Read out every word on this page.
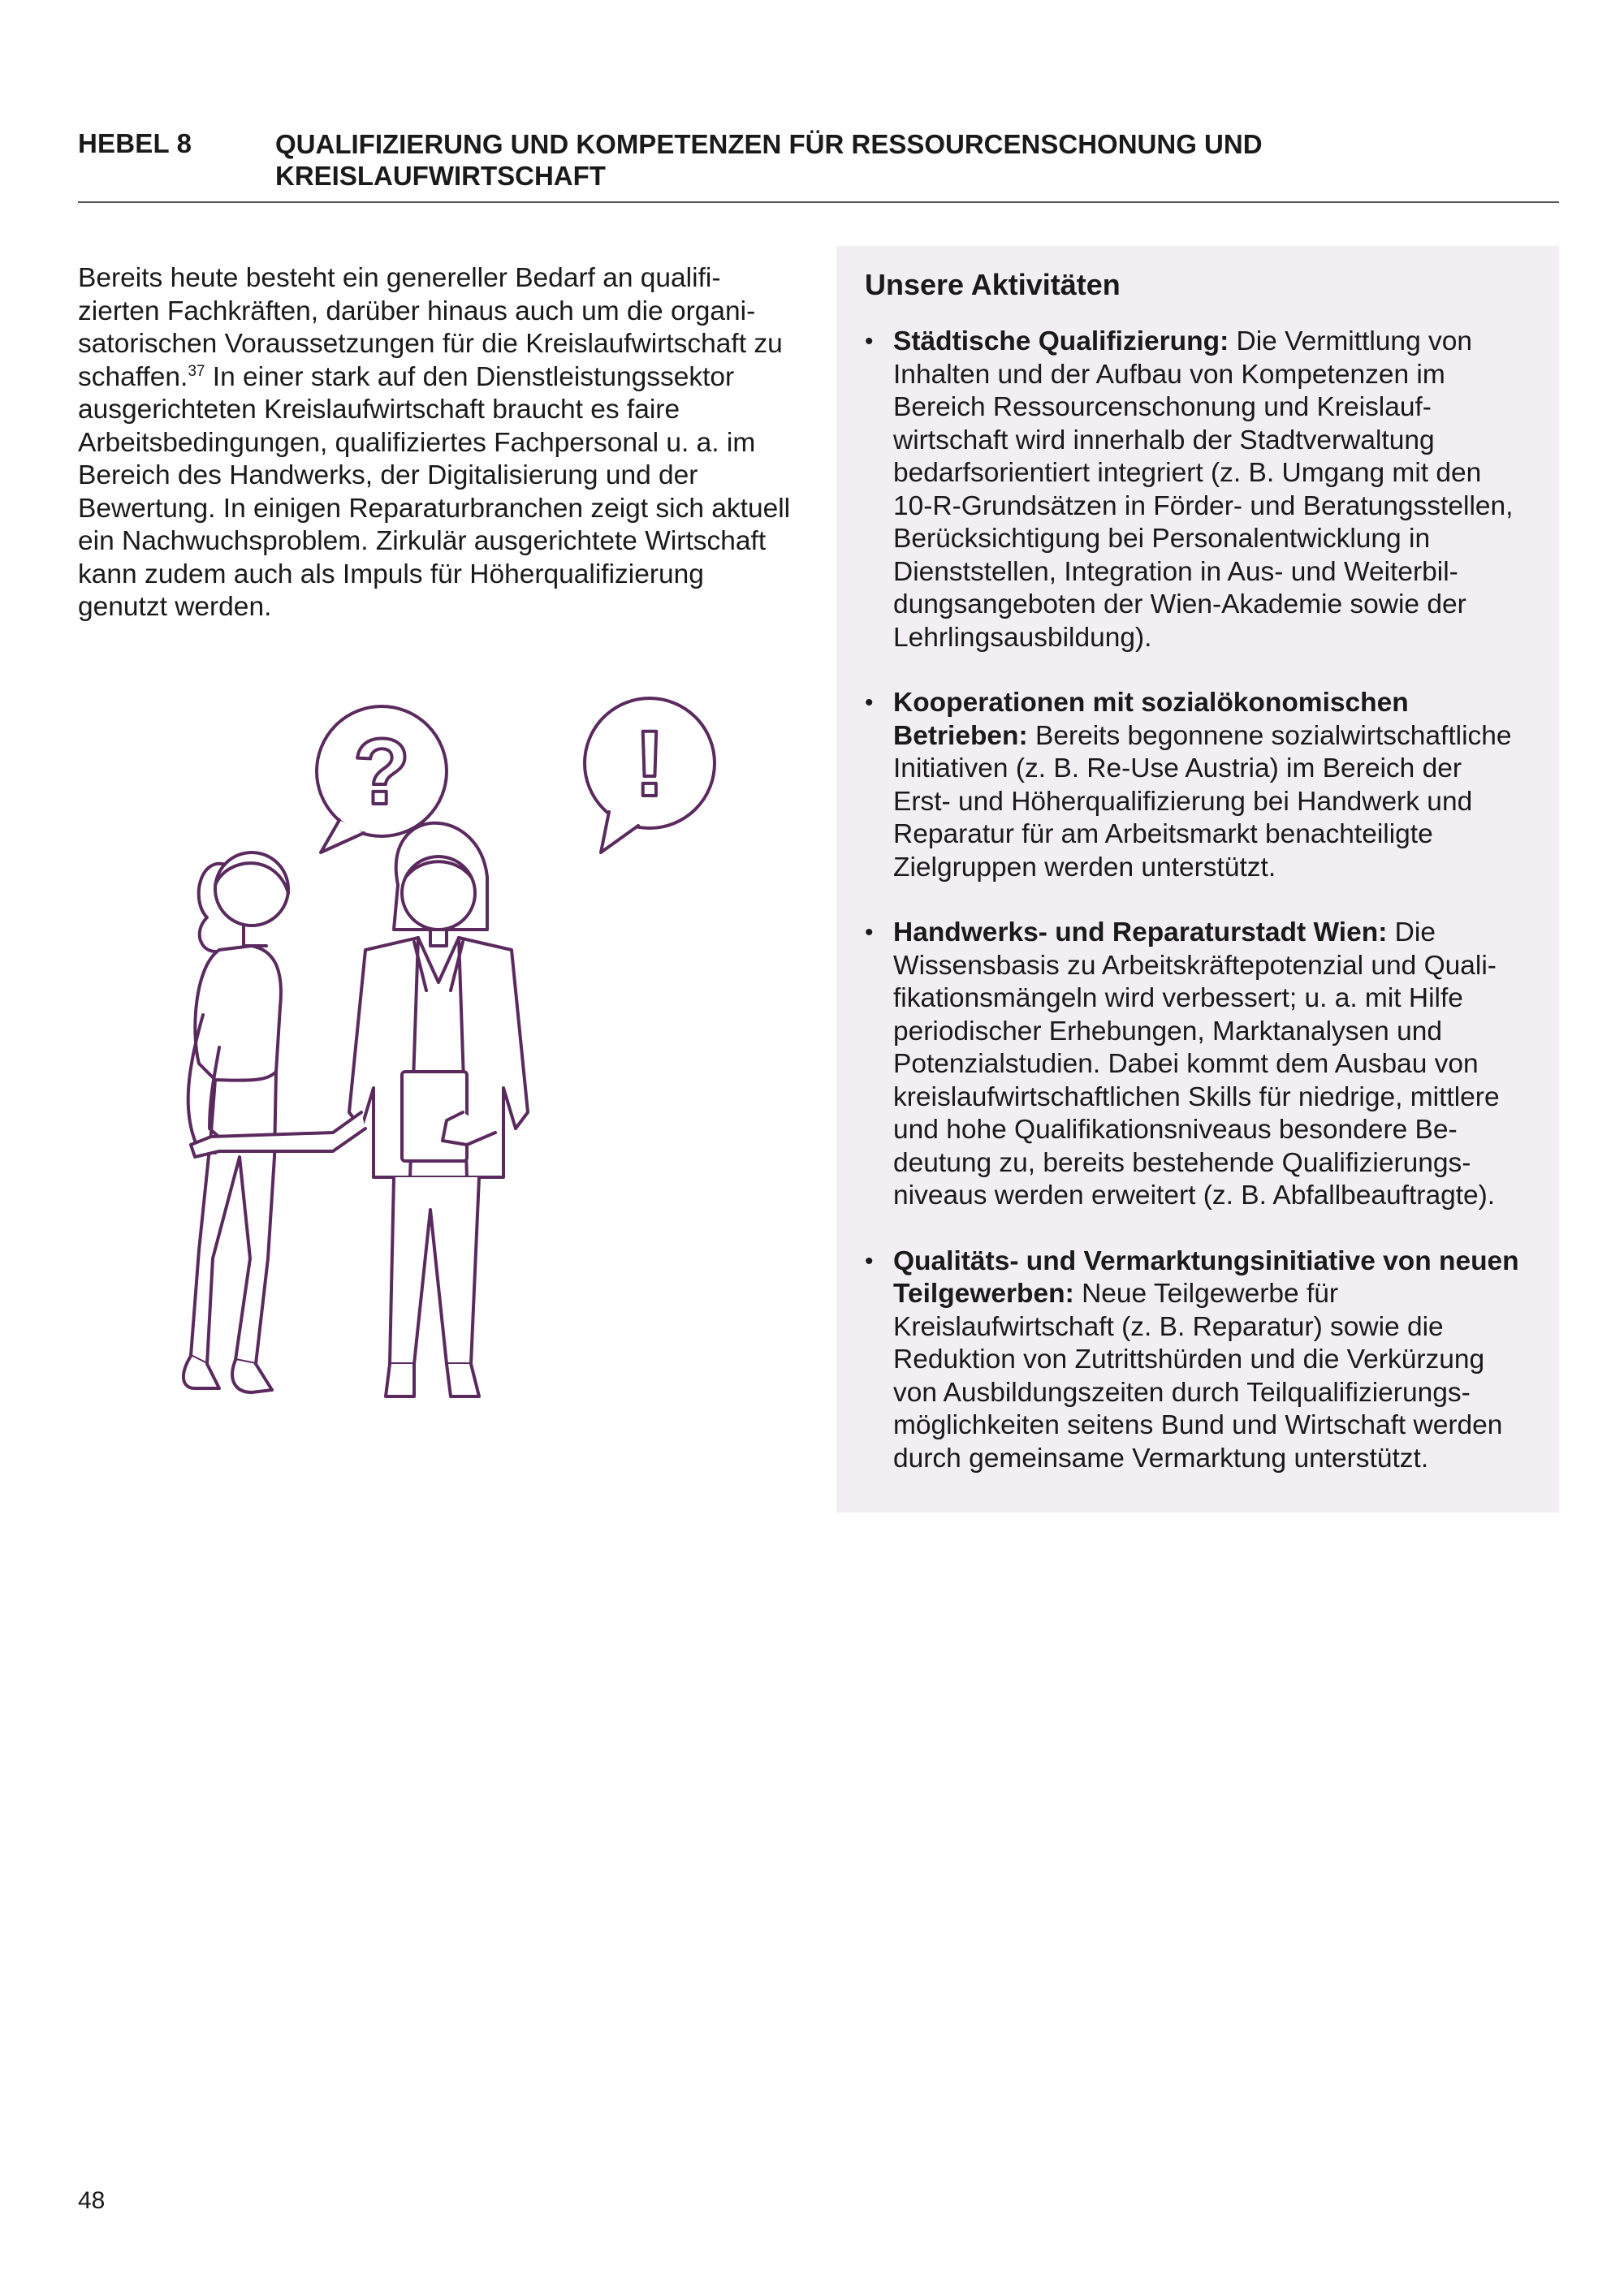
HEBEL 8	QUALIFIZIERUNG UND KOMPETENZEN FÜR RESSOURCENSCHONUNG UND KREISLAUFWIRTSCHAFT

Bereits heute besteht ein genereller Bedarf an qualifizierten Fachkräften, darüber hinaus auch um die organisatorischen Voraussetzungen für die Kreislaufwirtschaft zu schaffen.$^{37}$ In einer stark auf den Dienstleistungssektor ausgerichteten Kreislaufwirtschaft braucht es faire Arbeitsbedingungen, qualifiziertes Fachpersonal u. a. im Bereich des Handwerks, der Digitalisierung und der Bewertung. In einigen Reparaturbranchen zeigt sich aktuell ein Nachwuchsproblem. Zirkulär ausgerichtete Wirtschaft kann zudem auch als Impuls für Höherqualifizierung genutzt werden.

? !
Unsere Aktivitäten
• Städtische Qualifizierung: Die Vermittlung von Inhalten und der Aufbau von Kompetenzen im Bereich Ressourcenschonung und Kreislaufwirtschaft wird innerhalb der Stadtverwaltung bedarfsorientiert integriert (z. B. Umgang mit den 10-R-Grundsätzen in Förder- und Beratungsstellen, Berücksichtigung bei Personalentwicklung in Dienststellen, Integration in Aus- und Weiterbildungsangeboten der Wien-Akademie sowie der Lehrlingsausbildung).
• Kooperationen mit sozialökonomischen Betrieben: Bereits begonnene sozialwirtschaftliche Initiativen (z. B. Re-Use Austria) im Bereich der Erst- und Höherqualifizierung bei Handwerk und Reparatur für am Arbeitsmarkt benachteiligte Zielgruppen werden unterstützt.
• Handwerks- und Reparaturstadt Wien: Die Wissensbasis zu Arbeitskräftepotenzial und Qualifikationsmängeln wird verbessert; u. a. mit Hilfe periodischer Erhebungen, Marktanalysen und Potenzialstudien. Dabei kommt dem Ausbau von kreislaufwirtschaftlichen Skills für niedrige, mittlere und hohe Qualifikationsniveaus besondere Bedeutung zu, bereits bestehende Qualifizierungsniveaus werden erweitert (z. B. Abfallbeauftragte).
• Qualitäts- und Vermarktungsinitiative von neuen Teilgewerben: Neue Teilgewerbe für Kreislaufwirtschaft (z. B. Reparatur) sowie die Reduktion von Zutrittshürden und die Verkürzung von Ausbildungszeiten durch Teilqualifizierungsmöglichkeiten seitens Bund und Wirtschaft werden durch gemeinsame Vermarktung unterstützt.
48
